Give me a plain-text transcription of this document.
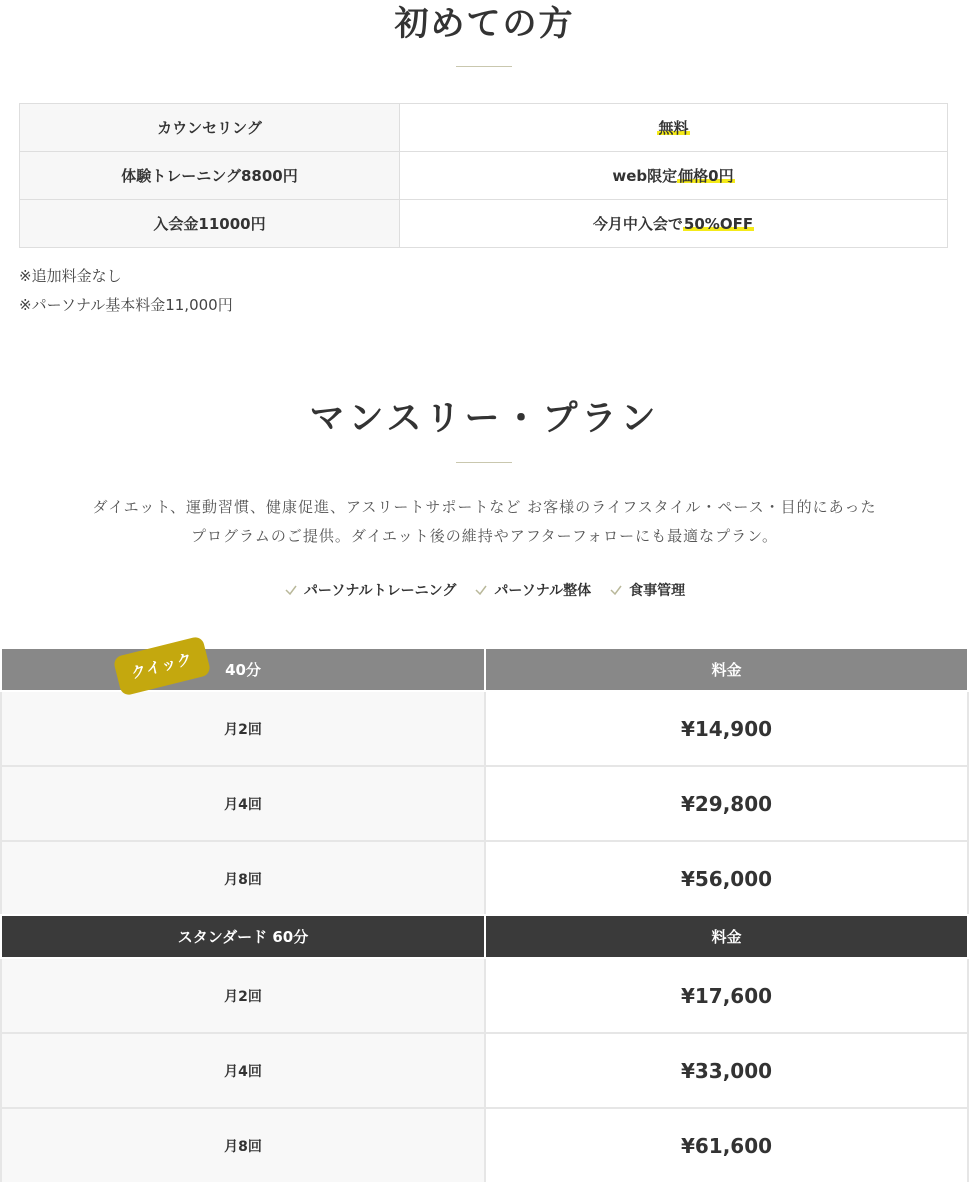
初めての方
カウンセリング	無料
体験トレーニング8800円	web限定価格0円
入会金11000円	今月中入会で50%OFF

※追加料金なし

※パーソナル基本料金11,000円

マンスリー・プラン

ダイエット、運動習慣、健康促進、アスリートサポートなど お客様のライフスタイル・ペース・目的にあった

プログラムのご提供。ダイエット後の維持やアフターフォローにも最適なプラン。

パーソナルトレーニング	パーソナル整体	食事管理
40分	料金
月2回	¥14,900
月4回	¥29,800
月8回	¥56,000
クイック
スタンダード 60分	料金
月2回	¥17,600
月4回	¥33,000
月8回	¥61,600
